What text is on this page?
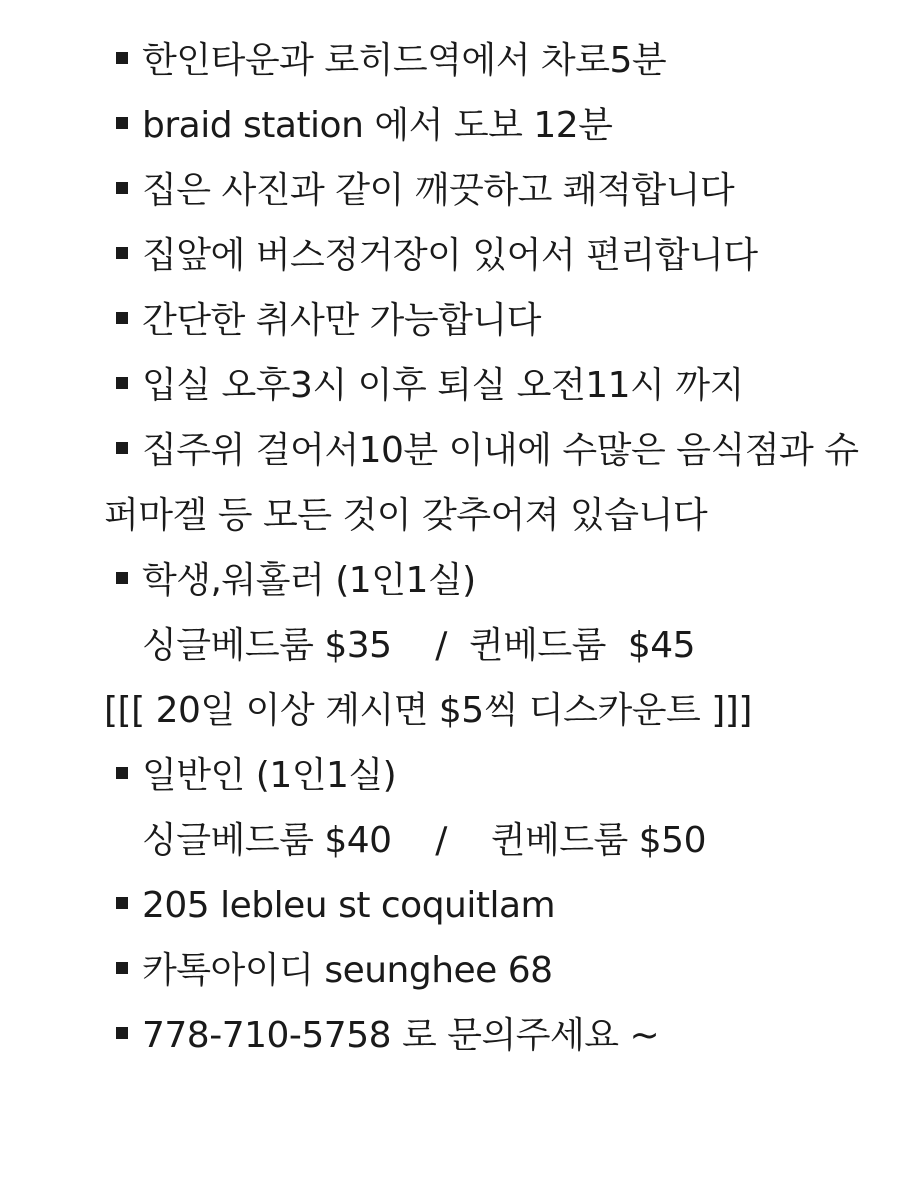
한인타운과 로히드역에서 차로5분
braid station 에서 도보 12분
집은 사진과 같이 깨끗하고 쾌적합니다
집앞에 버스정거장이 있어서 편리합니다
간단한 취사만 가능합니다
입실 오후3시 이후 퇴실 오전11시 까지
집주위 걸어서10분 이내에 수많은 음식점과 슈퍼마겔 등 모든 것이 갖추어져 있습니다
학생,워홀러 (1인1실)
싱글베드룸 $35    /  퀸베드룸  $45
[[[ 20일 이상 계시면 $5씩 디스카운트 ]]]
일반인 (1인1실)
싱글베드룸 $40    /    퀸베드룸 $50
205 lebleu st coquitlam
카톡아이디 seunghee 68
778-710-5758 로 문의주세요 ~
